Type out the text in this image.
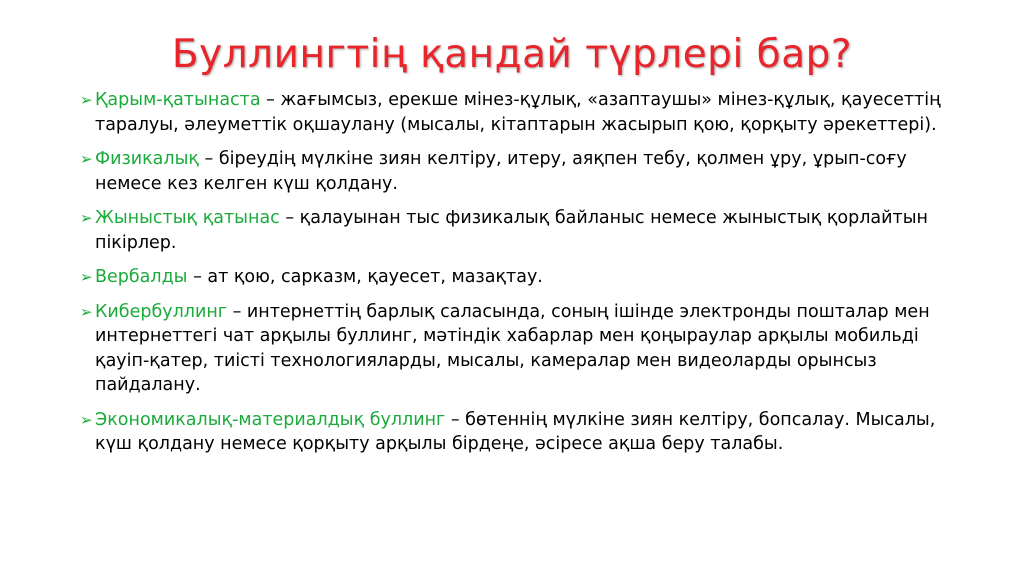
Буллингтің қандай түрлері бар?
➢ Қарым-қатынаста – жағымсыз, ерекше мінез-құлық, «азаптаушы» мінез-құлық, қауесеттің таралуы, әлеуметтік оқшаулану (мысалы, кітаптарын жасырып қою, қорқыту әрекеттері).
➢ Физикалық – біреудің мүлкіне зиян келтіру, итеру, аяқпен тебу, қолмен ұру, ұрып-соғу немесе кез келген күш қолдану.
➢ Жыныстық қатынас – қалауынан тыс физикалық байланыс немесе жыныстық қорлайтын пікірлер.
➢ Вербалды – ат қою, сарказм, қауесет, мазақтау.
➢ Кибербуллинг – интернеттің барлық саласында, соның ішінде электронды пошталар мен интернеттегі чат арқылы буллинг, мәтіндік хабарлар мен қоңыраулар арқылы мобильді қауіп-қатер, тиісті технологияларды, мысалы, камералар мен видеоларды орынсыз пайдалану.
➢ Экономикалық-материалдық буллинг – бөтеннің мүлкіне зиян келтіру, бопсалау. Мысалы, күш қолдану немесе қорқыту арқылы бірдеңе, әсіресе ақша беру талабы.
